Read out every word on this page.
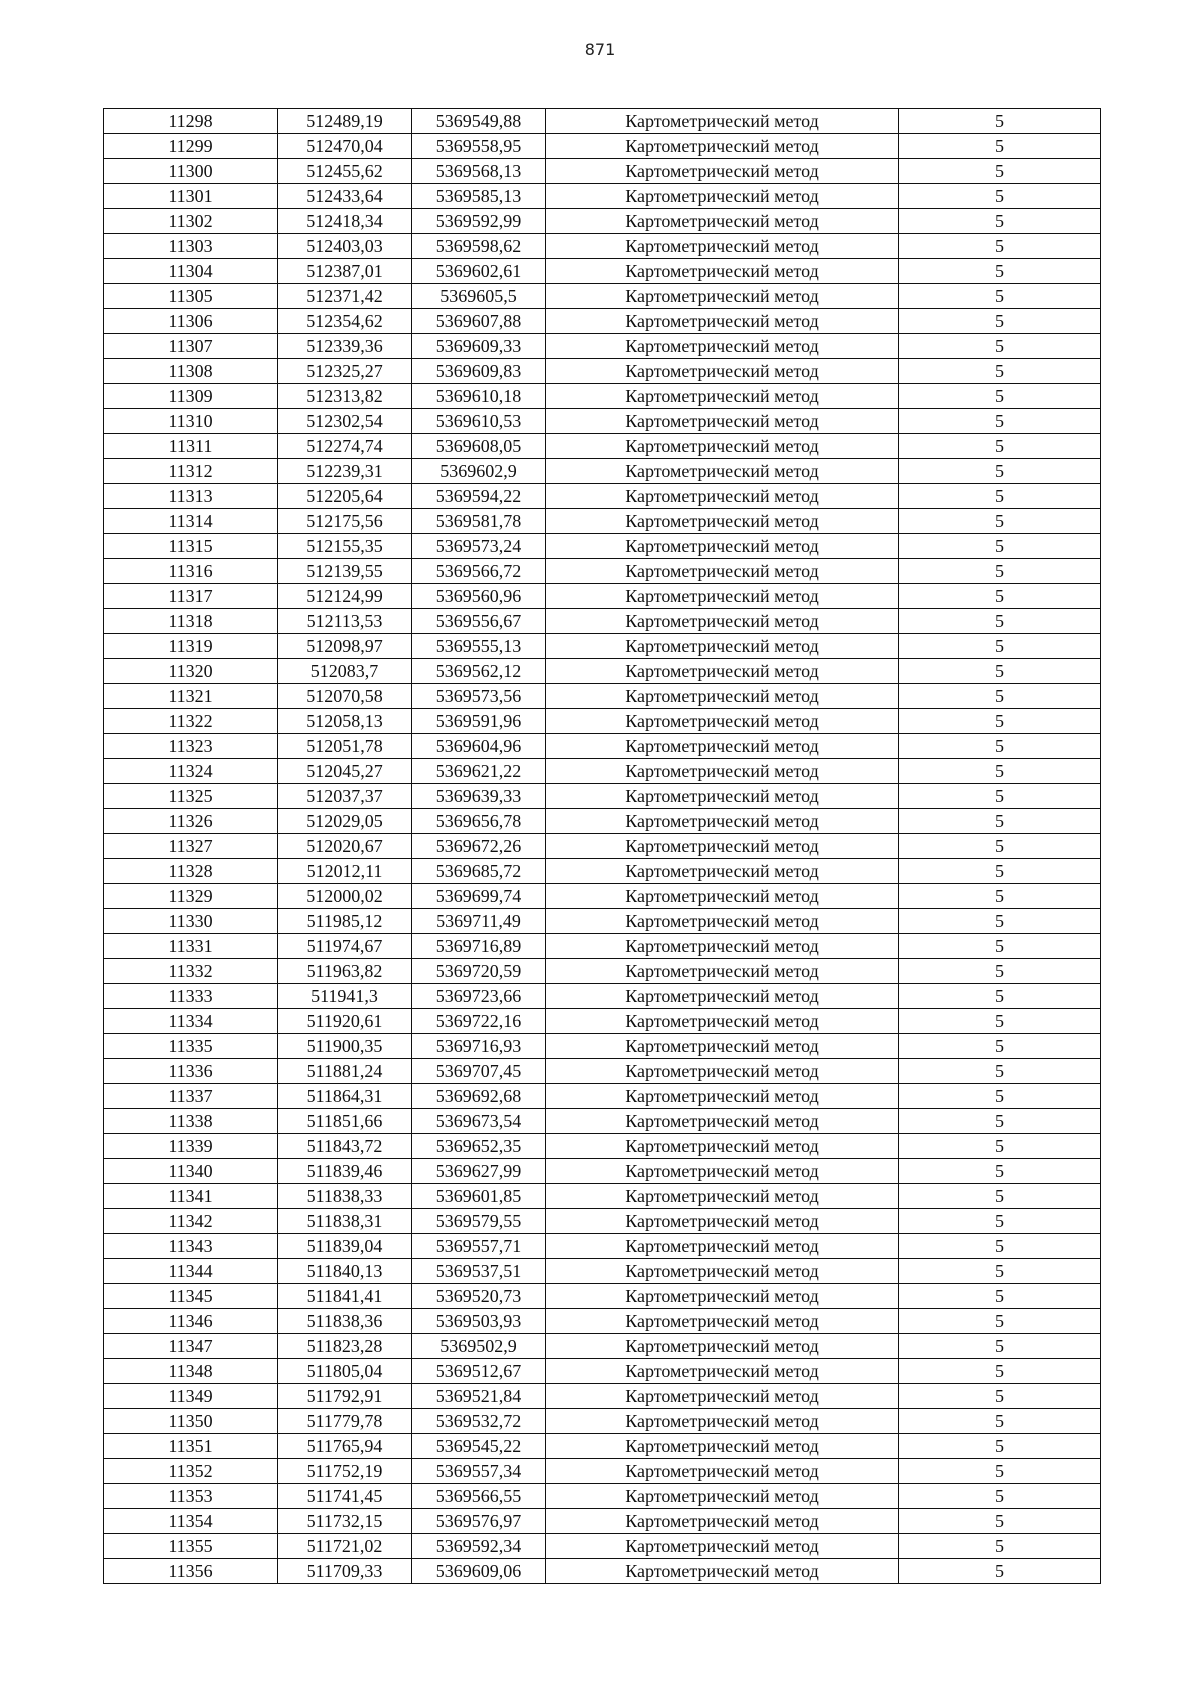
871
11298	512489,19	5369549,88	Картометрический метод	5
11299	512470,04	5369558,95	Картометрический метод	5
11300	512455,62	5369568,13	Картометрический метод	5
11301	512433,64	5369585,13	Картометрический метод	5
11302	512418,34	5369592,99	Картометрический метод	5
11303	512403,03	5369598,62	Картометрический метод	5
11304	512387,01	5369602,61	Картометрический метод	5
11305	512371,42	5369605,5	Картометрический метод	5
11306	512354,62	5369607,88	Картометрический метод	5
11307	512339,36	5369609,33	Картометрический метод	5
11308	512325,27	5369609,83	Картометрический метод	5
11309	512313,82	5369610,18	Картометрический метод	5
11310	512302,54	5369610,53	Картометрический метод	5
11311	512274,74	5369608,05	Картометрический метод	5
11312	512239,31	5369602,9	Картометрический метод	5
11313	512205,64	5369594,22	Картометрический метод	5
11314	512175,56	5369581,78	Картометрический метод	5
11315	512155,35	5369573,24	Картометрический метод	5
11316	512139,55	5369566,72	Картометрический метод	5
11317	512124,99	5369560,96	Картометрический метод	5
11318	512113,53	5369556,67	Картометрический метод	5
11319	512098,97	5369555,13	Картометрический метод	5
11320	512083,7	5369562,12	Картометрический метод	5
11321	512070,58	5369573,56	Картометрический метод	5
11322	512058,13	5369591,96	Картометрический метод	5
11323	512051,78	5369604,96	Картометрический метод	5
11324	512045,27	5369621,22	Картометрический метод	5
11325	512037,37	5369639,33	Картометрический метод	5
11326	512029,05	5369656,78	Картометрический метод	5
11327	512020,67	5369672,26	Картометрический метод	5
11328	512012,11	5369685,72	Картометрический метод	5
11329	512000,02	5369699,74	Картометрический метод	5
11330	511985,12	5369711,49	Картометрический метод	5
11331	511974,67	5369716,89	Картометрический метод	5
11332	511963,82	5369720,59	Картометрический метод	5
11333	511941,3	5369723,66	Картометрический метод	5
11334	511920,61	5369722,16	Картометрический метод	5
11335	511900,35	5369716,93	Картометрический метод	5
11336	511881,24	5369707,45	Картометрический метод	5
11337	511864,31	5369692,68	Картометрический метод	5
11338	511851,66	5369673,54	Картометрический метод	5
11339	511843,72	5369652,35	Картометрический метод	5
11340	511839,46	5369627,99	Картометрический метод	5
11341	511838,33	5369601,85	Картометрический метод	5
11342	511838,31	5369579,55	Картометрический метод	5
11343	511839,04	5369557,71	Картометрический метод	5
11344	511840,13	5369537,51	Картометрический метод	5
11345	511841,41	5369520,73	Картометрический метод	5
11346	511838,36	5369503,93	Картометрический метод	5
11347	511823,28	5369502,9	Картометрический метод	5
11348	511805,04	5369512,67	Картометрический метод	5
11349	511792,91	5369521,84	Картометрический метод	5
11350	511779,78	5369532,72	Картометрический метод	5
11351	511765,94	5369545,22	Картометрический метод	5
11352	511752,19	5369557,34	Картометрический метод	5
11353	511741,45	5369566,55	Картометрический метод	5
11354	511732,15	5369576,97	Картометрический метод	5
11355	511721,02	5369592,34	Картометрический метод	5
11356	511709,33	5369609,06	Картометрический метод	5
